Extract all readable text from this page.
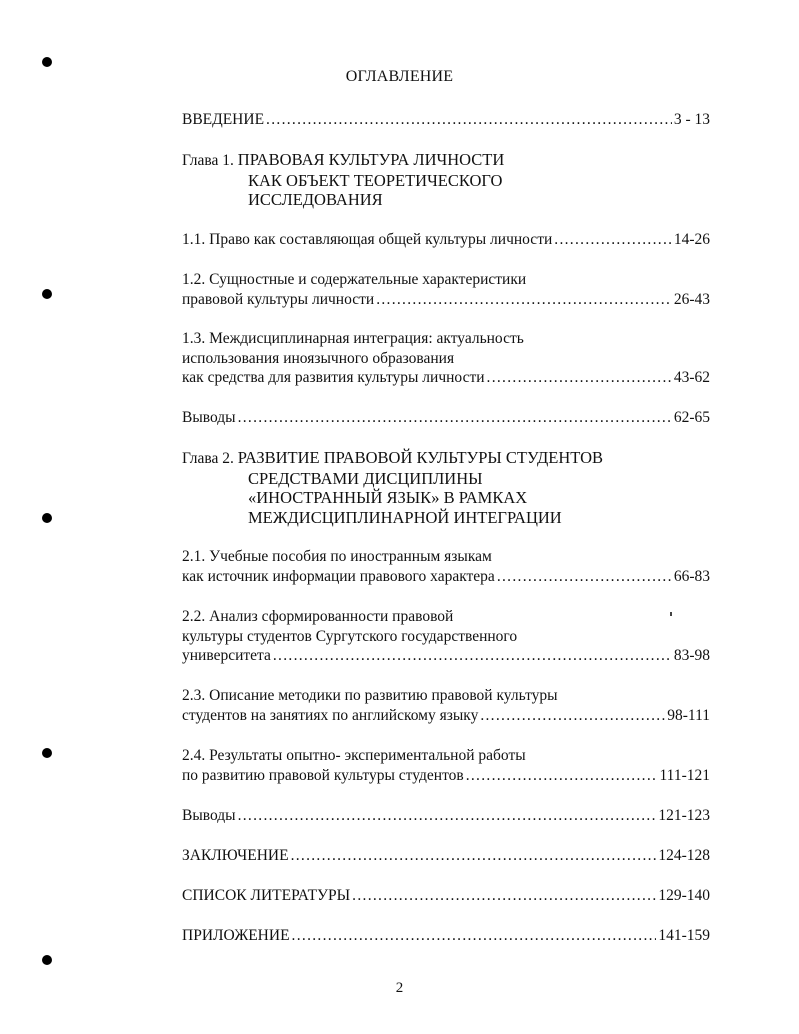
ОГЛАВЛЕНИЕ
ВВЕДЕНИЕ .....	3 - 13
Глава 1. ПРАВОВАЯ КУЛЬТУРА ЛИЧНОСТИ
КАК ОБЪЕКТ ТЕОРЕТИЧЕСКОГО
ИССЛЕДОВАНИЯ
1.1. Право как составляющая общей культуры личности .....	14-26
1.2. Сущностные и содержательные характеристики
правовой культуры личности .....	26-43
1.3. Междисциплинарная интеграция: актуальность
использования иноязычного образования
как средства для развития культуры личности .....	43-62
Выводы .....	62-65
Глава 2. РАЗВИТИЕ ПРАВОВОЙ КУЛЬТУРЫ СТУДЕНТОВ
СРЕДСТВАМИ ДИСЦИПЛИНЫ
«ИНОСТРАННЫЙ ЯЗЫК» В РАМКАХ
МЕЖДИСЦИПЛИНАРНОЙ ИНТЕГРАЦИИ
2.1. Учебные пособия по иностранным языкам
как источник информации правового характера .....	66-83
2.2. Анализ сформированности правовой
культуры студентов Сургутского государственного
университета .....	83-98
2.3. Описание методики по развитию правовой культуры
студентов на занятиях по английскому языку .....	98-111
2.4. Результаты опытно- экспериментальной работы
по развитию правовой культуры студентов .....	111-121
Выводы .....	121-123
ЗАКЛЮЧЕНИЕ .....	124-128
СПИСОК ЛИТЕРАТУРЫ .....	129-140
ПРИЛОЖЕНИЕ .....	141-159
2
